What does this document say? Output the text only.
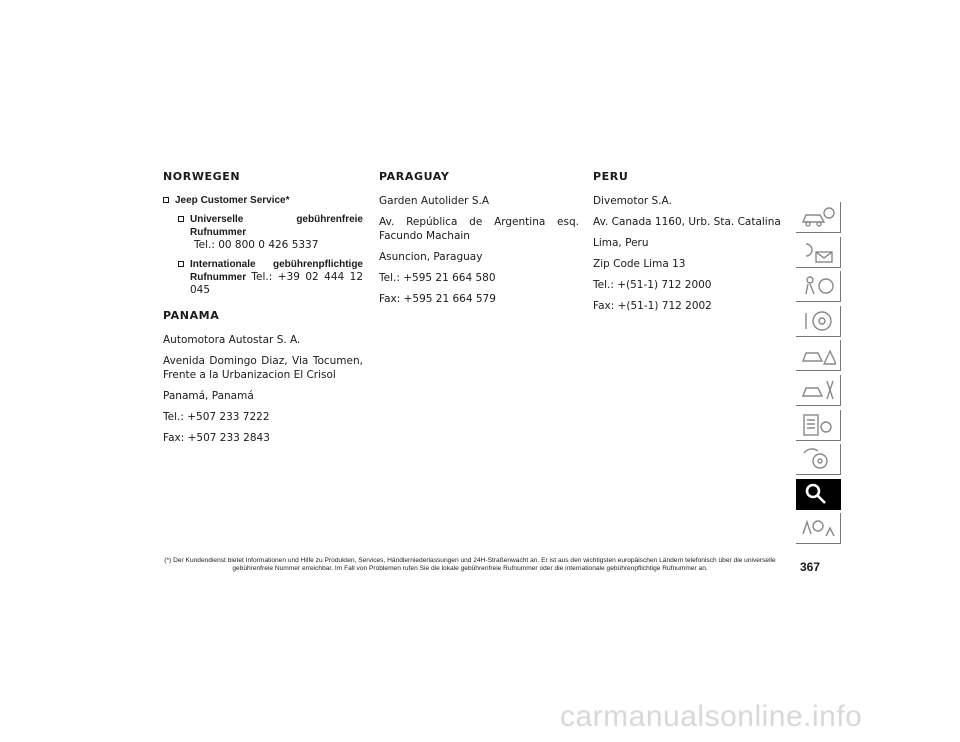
NORWEGEN
Jeep Customer Service*
Universelle gebührenfreie Rufnummer
Tel.: 00 800 0 426 5337
Internationale gebührenpflichtige Rufnummer Tel.: +39 02 444 12 045
PANAMA

Automotora Autostar S. A.

Avenida Domingo Diaz, Via Tocumen, Frente a la Urbanizacion El Crisol

Panamá, Panamá

Tel.: +507 233 7222

Fax: +507 233 2843

PARAGUAY

Garden Autolider S.A

Av. República de Argentina esq. Facundo Machain

Asuncion, Paraguay

Tel.: +595 21 664 580

Fax: +595 21 664 579

PERU

Divemotor S.A.

Av. Canada 1160, Urb. Sta. Catalina

Lima, Peru

Zip Code Lima 13

Tel.: +(51-1) 712 2000

Fax: +(51-1) 712 2002

(*) Der Kundendienst bietet Informationen und Hilfe zu Produkten, Services, Händlerniederlassungen und 24H-Straßenwacht an. Er ist aus den wichtigsten europäischen Ländern telefonisch über die universelle gebührenfreie Nummer erreichbar. Im Fall von Problemen rufen Sie die lokale gebührenfreie Rufnummer oder die internationale gebührenpflichtige Rufnummer an.	367
carmanualsonline.info
